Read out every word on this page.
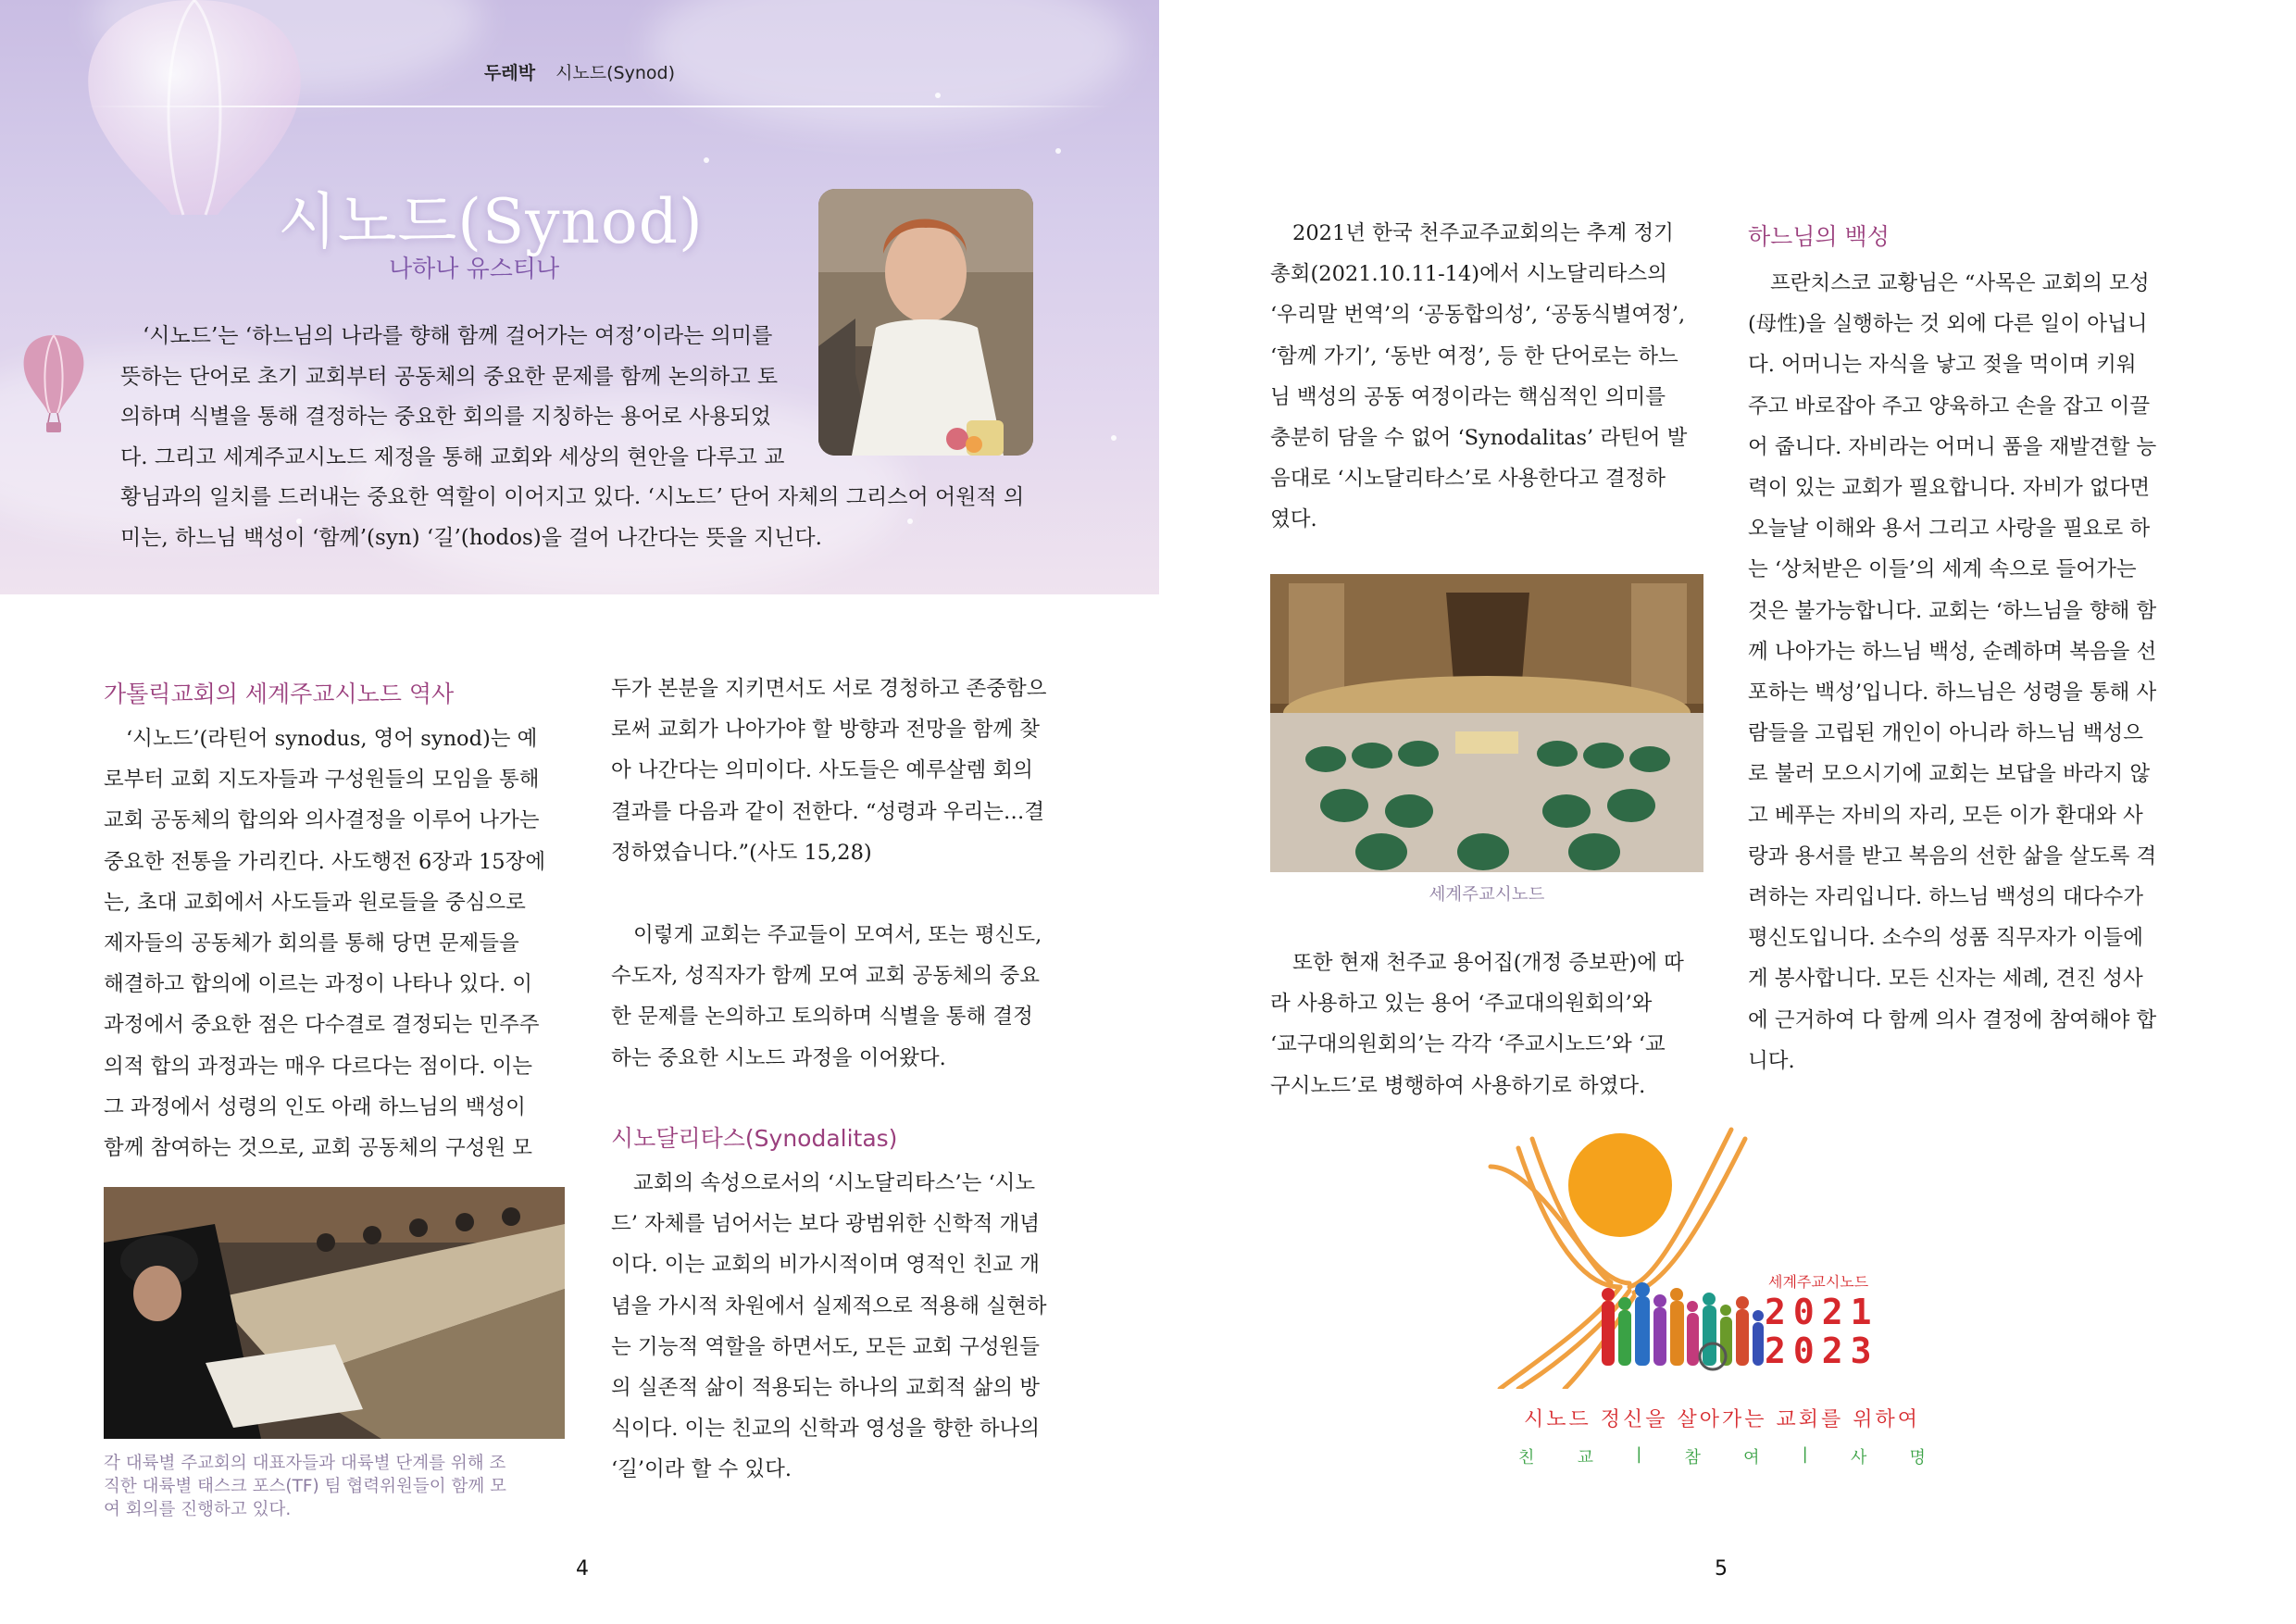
두레박 시노드(Synod)
시노드(Synod)
나하나 유스티나

‘시노드’는 ‘하느님의 나라를 향해 함께 걸어가는 여정’이라는 의미를

뜻하는 단어로 초기 교회부터 공동체의 중요한 문제를 함께 논의하고 토

의하며 식별을 통해 결정하는 중요한 회의를 지칭하는 용어로 사용되었

다. 그리고 세계주교시노드 제정을 통해 교회와 세상의 현안을 다루고 교

황님과의 일치를 드러내는 중요한 역할이 이어지고 있다. ‘시노드’ 단어 자체의 그리스어 어원적 의

미는, 하느님 백성이 ‘함께’(syn) ‘길’(hodos)을 걸어 나간다는 뜻을 지닌다.

가톨릭교회의 세계주교시노드 역사

‘시노드’(라틴어 synodus, 영어 synod)는 예

로부터 교회 지도자들과 구성원들의 모임을 통해

교회 공동체의 합의와 의사결정을 이루어 나가는

중요한 전통을 가리킨다. 사도행전 6장과 15장에

는, 초대 교회에서 사도들과 원로들을 중심으로

제자들의 공동체가 회의를 통해 당면 문제들을

해결하고 합의에 이르는 과정이 나타나 있다. 이

과정에서 중요한 점은 다수결로 결정되는 민주주

의적 합의 과정과는 매우 다르다는 점이다. 이는

그 과정에서 성령의 인도 아래 하느님의 백성이

함께 참여하는 것으로, 교회 공동체의 구성원 모

각 대륙별 주교회의 대표자들과 대륙별 단계를 위해 조
직한 대륙별 태스크 포스(TF) 팀 협력위원들이 함께 모
여 회의를 진행하고 있다.

두가 본분을 지키면서도 서로 경청하고 존중함으

로써 교회가 나아가야 할 방향과 전망을 함께 찾

아 나간다는 의미이다. 사도들은 예루살렘 회의

결과를 다음과 같이 전한다. “성령과 우리는…결

정하였습니다.”(사도 15,28)

이렇게 교회는 주교들이 모여서, 또는 평신도,

수도자, 성직자가 함께 모여 교회 공동체의 중요

한 문제를 논의하고 토의하며 식별을 통해 결정

하는 중요한 시노드 과정을 이어왔다.

시노달리타스(Synodalitas)

교회의 속성으로서의 ‘시노달리타스’는 ‘시노

드’ 자체를 넘어서는 보다 광범위한 신학적 개념

이다. 이는 교회의 비가시적이며 영적인 친교 개

념을 가시적 차원에서 실제적으로 적용해 실현하

는 기능적 역할을 하면서도, 모든 교회 구성원들

의 실존적 삶이 적용되는 하나의 교회적 삶의 방

식이다. 이는 친교의 신학과 영성을 향한 하나의

‘길’이라 할 수 있다.

4

2021년 한국 천주교주교회의는 추계 정기

총회(2021.10.11-14)에서 시노달리타스의

‘우리말 번역’의 ‘공동합의성’, ‘공동식별여정’,

‘함께 가기’, ‘동반 여정’, 등 한 단어로는 하느

님 백성의 공동 여정이라는 핵심적인 의미를

충분히 담을 수 없어 ‘Synodalitas’ 라틴어 발

음대로 ‘시노달리타스’로 사용한다고 결정하

였다.

세계주교시노드

또한 현재 천주교 용어집(개정 증보판)에 따

라 사용하고 있는 용어 ‘주교대의원회의’와

‘교구대의원회의’는 각각 ‘주교시노드’와 ‘교

구시노드’로 병행하여 사용하기로 하였다.

하느님의 백성

프란치스코 교황님은 “사목은 교회의 모성

(母性)을 실행하는 것 외에 다른 일이 아닙니

다. 어머니는 자식을 낳고 젖을 먹이며 키워

주고 바로잡아 주고 양육하고 손을 잡고 이끌

어 줍니다. 자비라는 어머니 품을 재발견할 능

력이 있는 교회가 필요합니다. 자비가 없다면

오늘날 이해와 용서 그리고 사랑을 필요로 하

는 ‘상처받은 이들’의 세계 속으로 들어가는

것은 불가능합니다. 교회는 ‘하느님을 향해 함

께 나아가는 하느님 백성, 순례하며 복음을 선

포하는 백성’입니다. 하느님은 성령을 통해 사

람들을 고립된 개인이 아니라 하느님 백성으

로 불러 모으시기에 교회는 보답을 바라지 않

고 베푸는 자비의 자리, 모든 이가 환대와 사

랑과 용서를 받고 복음의 선한 삶을 살도록 격

려하는 자리입니다. 하느님 백성의 대다수가

평신도입니다. 소수의 성품 직무자가 이들에

게 봉사합니다. 모든 신자는 세례, 견진 성사

에 근거하여 다 함께 의사 결정에 참여해야 합

니다.

세계주교시노드
2021
2023
시노드 정신을 살아가는 교회를 위하여
친	교	|	참	여	|	사	명
5
